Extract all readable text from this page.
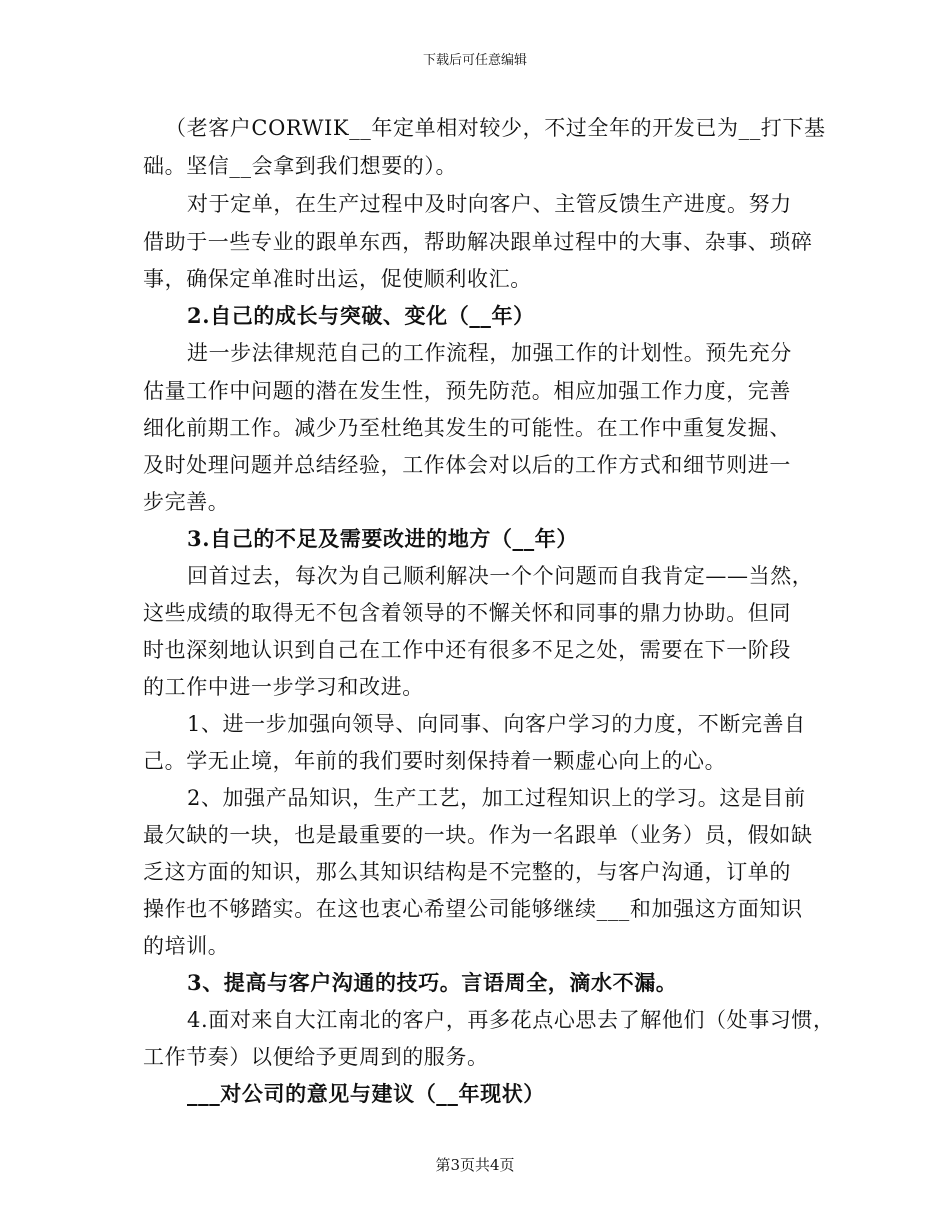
下载后可任意编辑
（老客户CORWIK__年定单相对较少，不过全年的开发已为__打下基
础。坚信__会拿到我们想要的）。
对于定单，在生产过程中及时向客户、主管反馈生产进度。努力
借助于一些专业的跟单东西，帮助解决跟单过程中的大事、杂事、琐碎
事，确保定单准时出运，促使顺利收汇。
2.自己的成长与突破、变化（__年）
进一步法律规范自己的工作流程，加强工作的计划性。预先充分
估量工作中问题的潜在发生性，预先防范。相应加强工作力度，完善
细化前期工作。减少乃至杜绝其发生的可能性。在工作中重复发掘、
及时处理问题并总结经验，工作体会对以后的工作方式和细节则进一
步完善。
3.自己的不足及需要改进的地方（__年）
回首过去，每次为自己顺利解决一个个问题而自我肯定——当然，
这些成绩的取得无不包含着领导的不懈关怀和同事的鼎力协助。但同
时也深刻地认识到自己在工作中还有很多不足之处，需要在下一阶段
的工作中进一步学习和改进。
1、进一步加强向领导、向同事、向客户学习的力度，不断完善自
己。学无止境，年前的我们要时刻保持着一颗虚心向上的心。
2、加强产品知识，生产工艺，加工过程知识上的学习。这是目前
最欠缺的一块，也是最重要的一块。作为一名跟单（业务）员，假如缺
乏这方面的知识，那么其知识结构是不完整的，与客户沟通，订单的
操作也不够踏实。在这也衷心希望公司能够继续___和加强这方面知识
的培训。
3、提高与客户沟通的技巧。言语周全，滴水不漏。
4.面对来自大江南北的客户，再多花点心思去了解他们（处事习惯，
工作节奏）以便给予更周到的服务。
___对公司的意见与建议（__年现状）
第3页共4页
